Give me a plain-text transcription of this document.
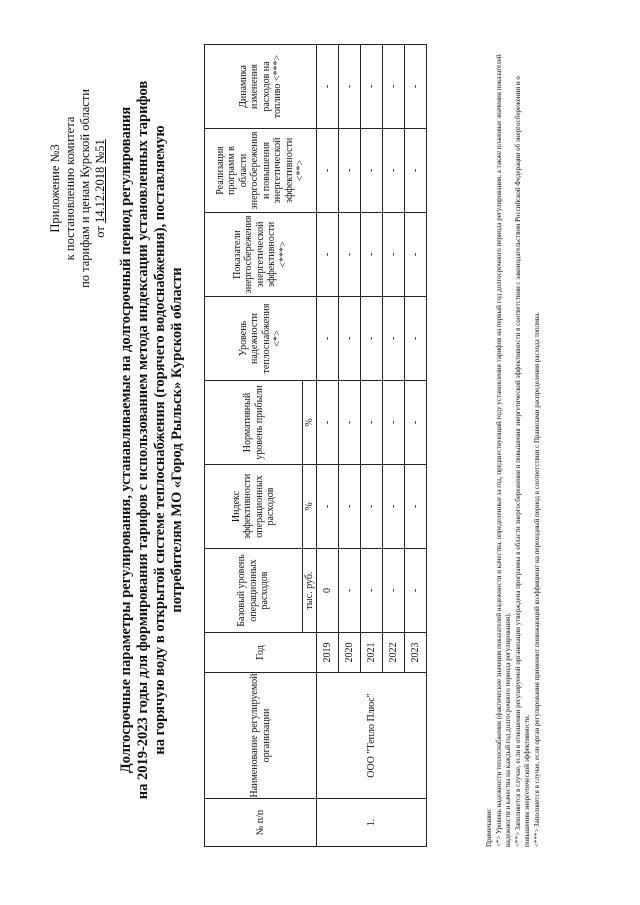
Приложение №3 к постановлению комитета по тарифам и ценам Курской области от 14.12.2018 №51 Долгосрочные параметры регулирования, устанавливаемые на долгосрочный период регулирования на 2019-2023 годы для формирования тарифов с использованием метода индексации установленных тарифов на горячую воду в открытой системе теплоснабжения (горячего водоснабжения), поставляемую потребителям МО «Город Рыльск» Курской области
№ п/п	Наименование регулируемой организации	Год	Базовый уровень операционных расходов	Индекс эффективности операционных расходов	Нормативный уровень прибыли	Уровень надежности теплоснабжения <*>	Показатели энергосбережения энергетической эффективности <***>	Реализация программ в области энергосбережения и повышения энергетической эффективности <**>	Динамика изменения расходов на топливо <***>
			тыс. руб.	%	%				
1.	ООО "Тепло Плюс"	2019	0	-	-	-	-	-	-
		2020	-	-	-	-	-	-	-
		2021	-	-	-	-	-	-	-
		2022	-	-	-	-	-	-	-
		2023	-	-	-	-	-	-	-

Примечание: <*> Уровень надежности теплоснабжения (фактические значения показателей надежности и качества, определенные за год, предшествующий году установления тарифов на первый год долгосрочного периода регулирования, а также плановые значения показателей надежности и качества на каждый год долгосрочного периода регулирования). <**> Заполняется в случае, если в отношении регулируемой организации утверждена программа в области энергосбережения и повышения энергетической эффективности в соответствии с законодательством Российской Федерации об энергосбережении и о повышении энергетической эффективности. <***> Заполняется в случае, если орган регулирования применяет понижающий коэффициент на переходный период в соответствии с Правилами распределения расхода топлива.
